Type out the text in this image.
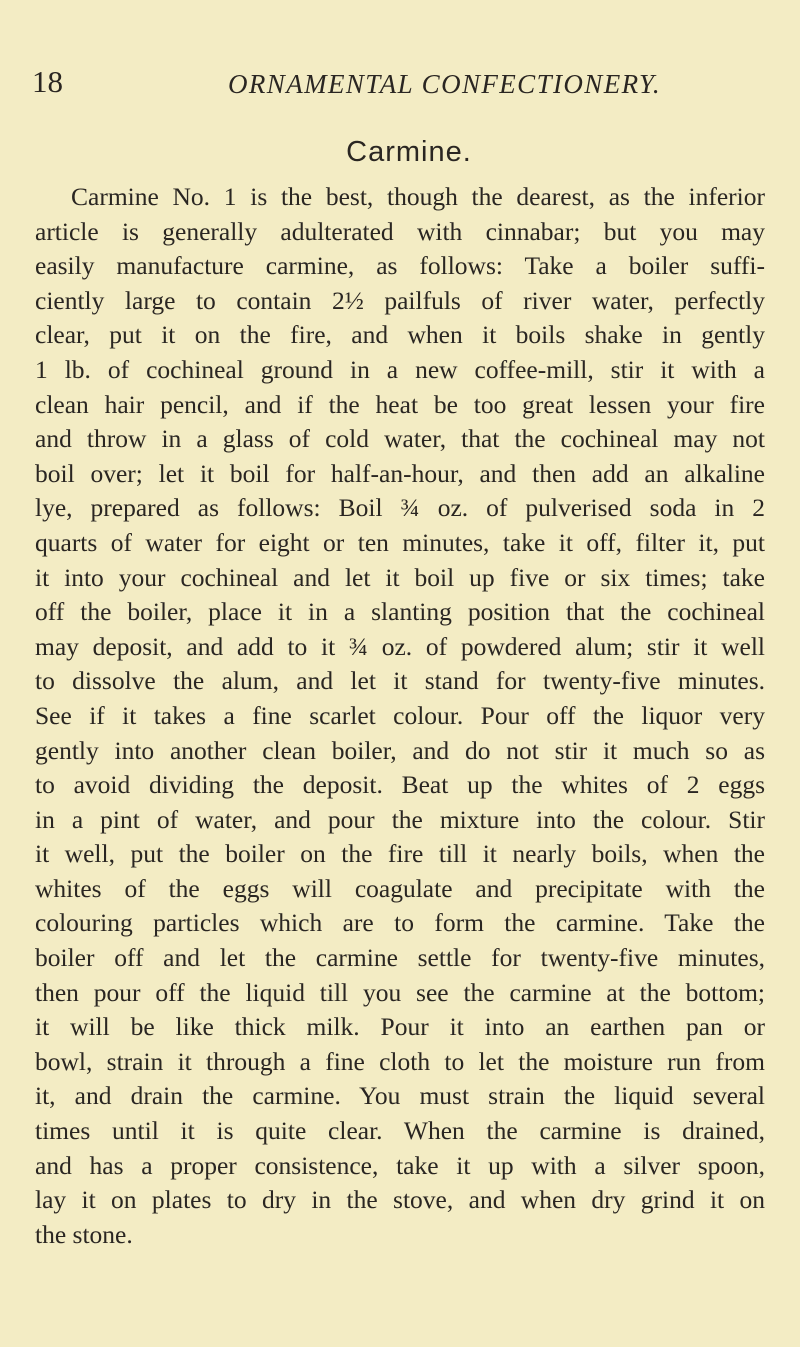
18	ORNAMENTAL CONFECTIONERY.
Carmine.
Carmine No. 1 is the best, though the dearest, as the inferior
article is generally adulterated with cinnabar; but you may
easily manufacture carmine, as follows: Take a boiler suffi-
ciently large to contain 2½ pailfuls of river water, perfectly
clear, put it on the fire, and when it boils shake in gently
1 lb. of cochineal ground in a new coffee-mill, stir it with a
clean hair pencil, and if the heat be too great lessen your fire
and throw in a glass of cold water, that the cochineal may not
boil over; let it boil for half-an-hour, and then add an alkaline
lye, prepared as follows: Boil ¾ oz. of pulverised soda in 2
quarts of water for eight or ten minutes, take it off, filter it, put
it into your cochineal and let it boil up five or six times; take
off the boiler, place it in a slanting position that the cochineal
may deposit, and add to it ¾ oz. of powdered alum; stir it well
to dissolve the alum, and let it stand for twenty-five minutes.
See if it takes a fine scarlet colour. Pour off the liquor very
gently into another clean boiler, and do not stir it much so as
to avoid dividing the deposit. Beat up the whites of 2 eggs
in a pint of water, and pour the mixture into the colour. Stir
it well, put the boiler on the fire till it nearly boils, when the
whites of the eggs will coagulate and precipitate with the
colouring particles which are to form the carmine. Take the
boiler off and let the carmine settle for twenty-five minutes,
then pour off the liquid till you see the carmine at the bottom;
it will be like thick milk. Pour it into an earthen pan or
bowl, strain it through a fine cloth to let the moisture run from
it, and drain the carmine. You must strain the liquid several
times until it is quite clear. When the carmine is drained,
and has a proper consistence, take it up with a silver spoon,
lay it on plates to dry in the stove, and when dry grind it on
the stone.
